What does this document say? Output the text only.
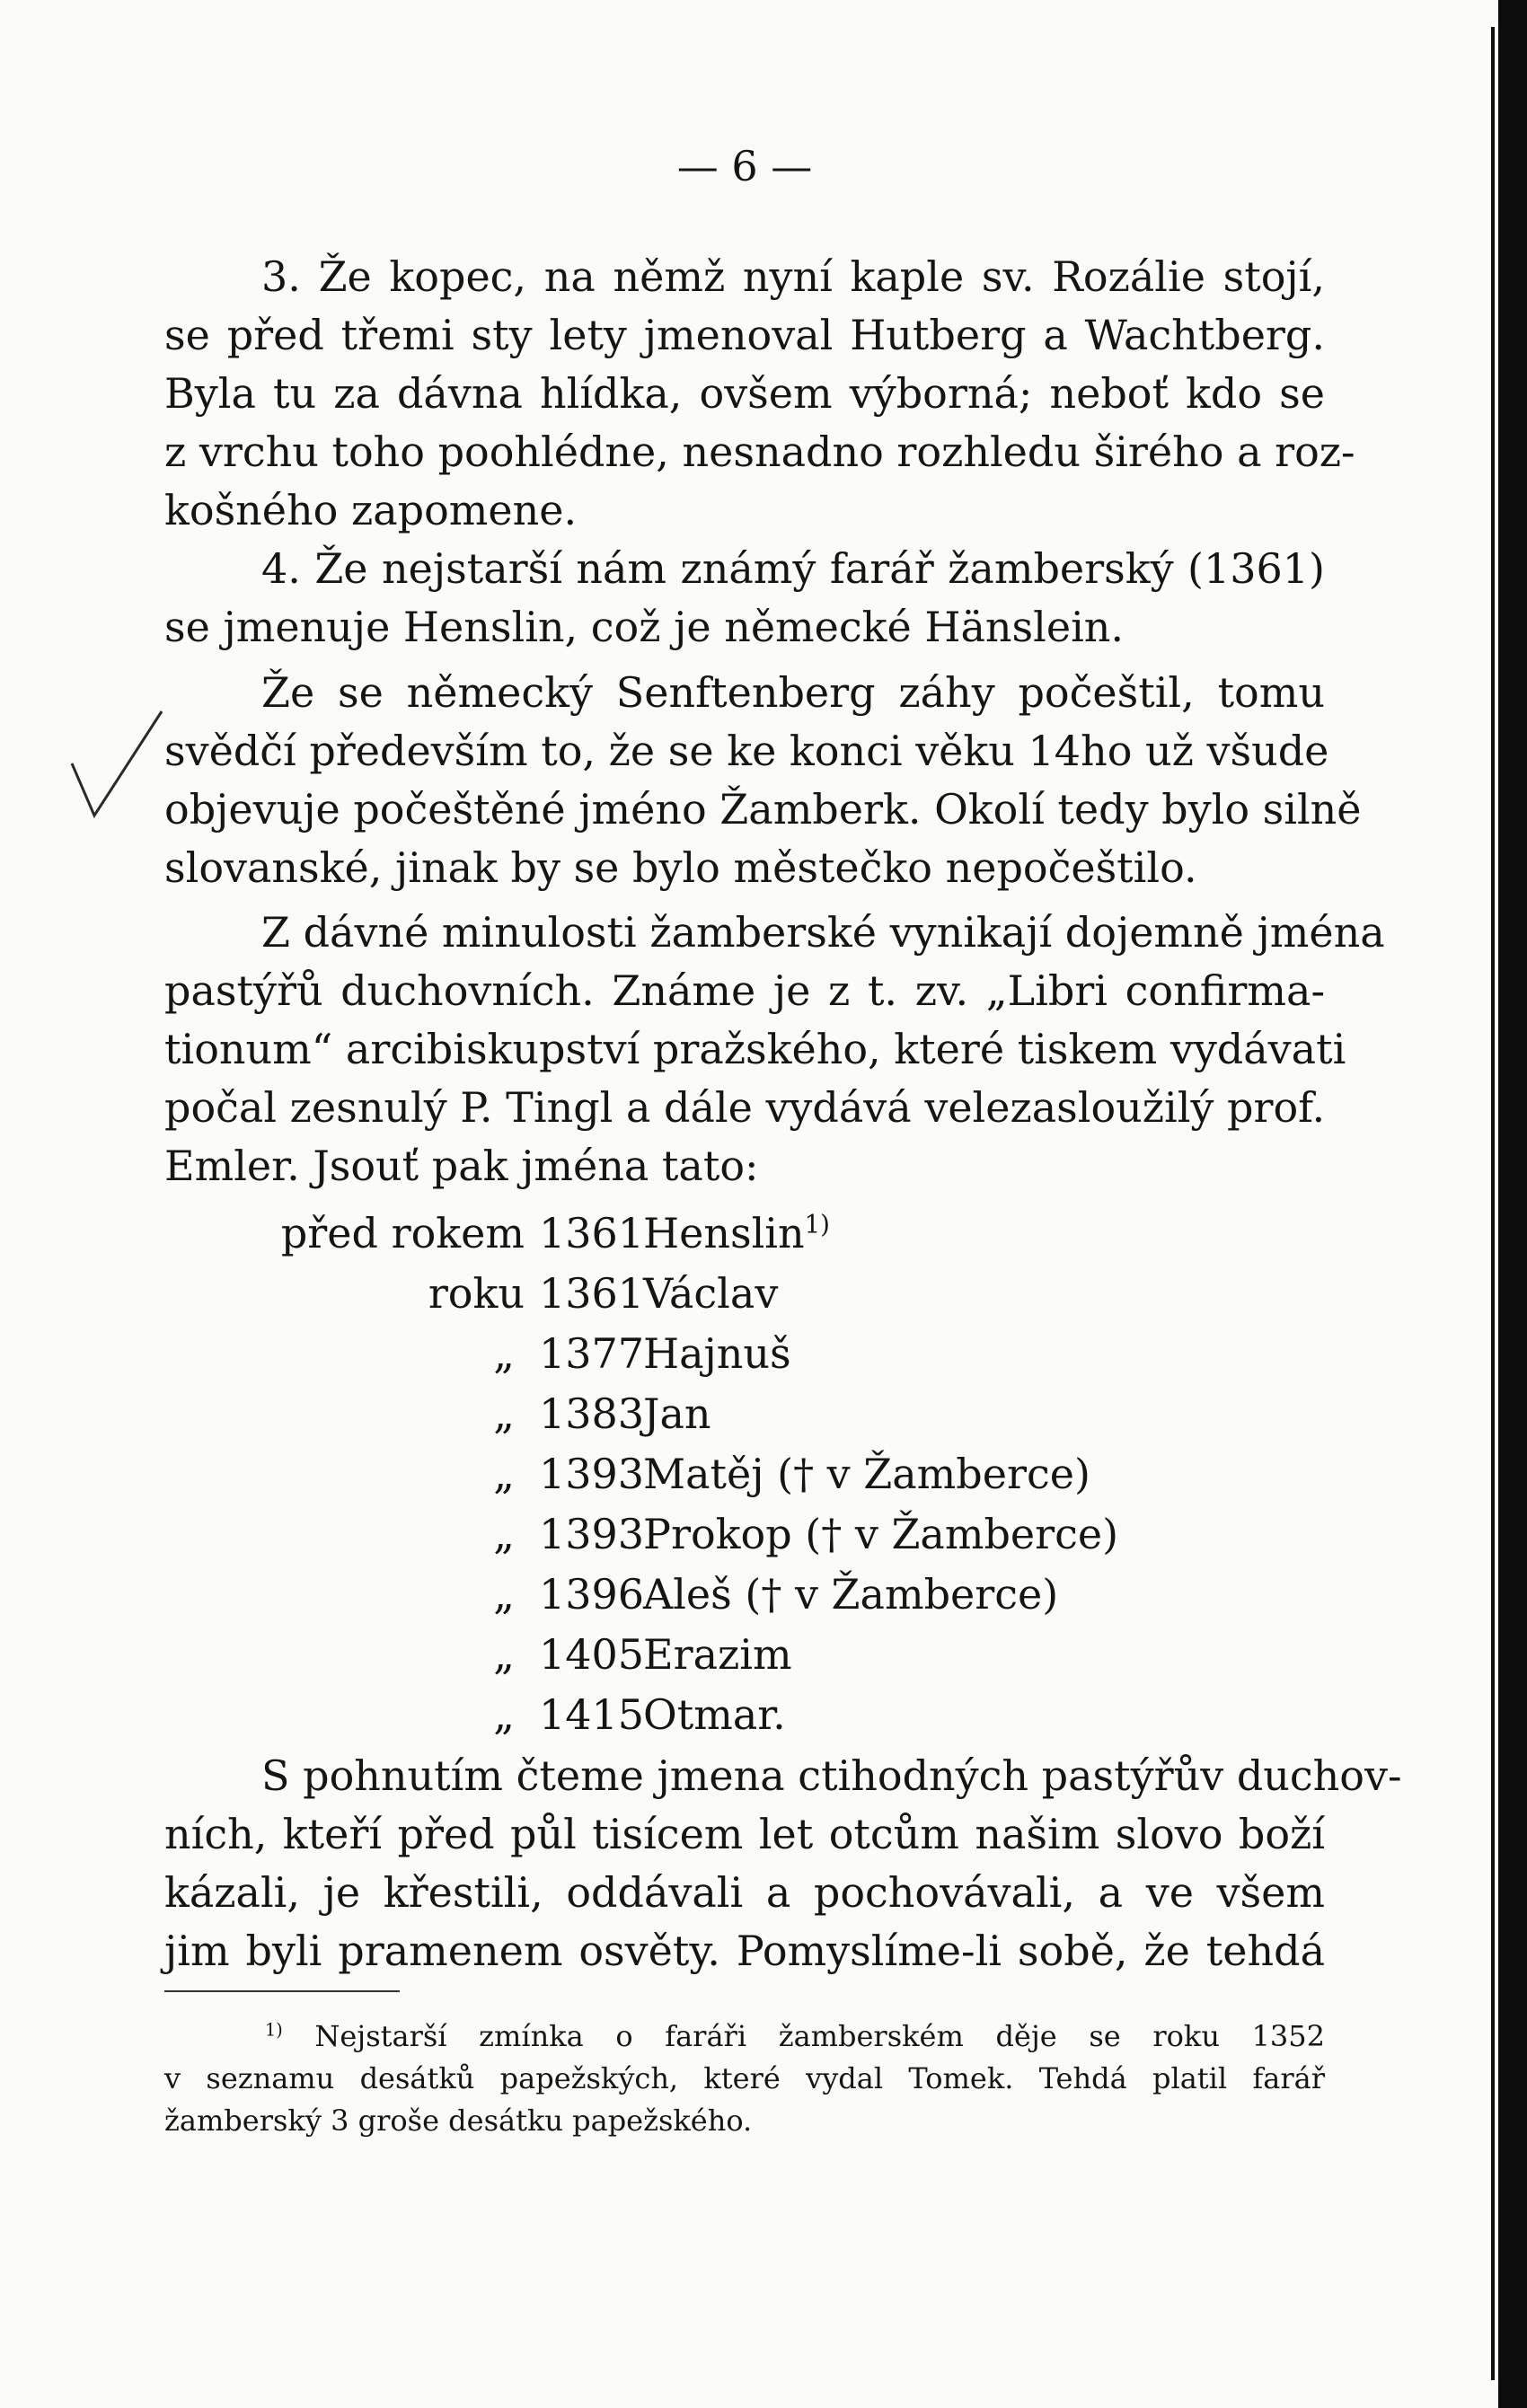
— 6 —
3. Že kopec, na němž nyní kaple sv. Rozálie stojí,
se před třemi sty lety jmenoval Hutberg a Wachtberg.
Byla tu za dávna hlídka, ovšem výborná; neboť kdo se
z vrchu toho poohlédne, nesnadno rozhledu širého a roz-
košného zapomene.
4. Že nejstarší nám známý farář žamberský (1361)
se jmenuje Henslin, což je německé Hänslein.
Že se německý Senftenberg záhy počeštil, tomu
svědčí především to, že se ke konci věku 14ho už všude
objevuje počeštěné jméno Žamberk. Okolí tedy bylo silně
slovanské, jinak by se bylo městečko nepočeštilo.
Z dávné minulosti žamberské vynikají dojemně jména
pastýřů duchovních. Známe je z t. zv. „Libri confirma-
tionum“ arcibiskupství pražského, které tiskem vydávati
počal zesnulý P. Tingl a dále vydává velezasloužilý prof.
Emler. Jsouť pak jména tato:
před rokem 1361
Henslin$^{1)}$
roku 1361
Václav
„ 1377
Hajnuš
„ 1383
Jan
„ 1393
Matěj († v Žamberce)
„ 1393
Prokop († v Žamberce)
„ 1396
Aleš († v Žamberce)
„ 1405
Erazim
„ 1415
Otmar.
S pohnutím čteme jmena ctihodných pastýřův duchov-
ních, kteří před půl tisícem let otcům našim slovo boží
kázali, je křestili, oddávali a pochovávali, a ve všem
jim byli pramenem osvěty. Pomyslíme-li sobě, že tehdá
$^{1)}$ Nejstarší zmínka o faráři žamberském děje se roku 1352
v seznamu desátků papežských, které vydal Tomek. Tehdá platil farář
žamberský 3 groše desátku papežského.
